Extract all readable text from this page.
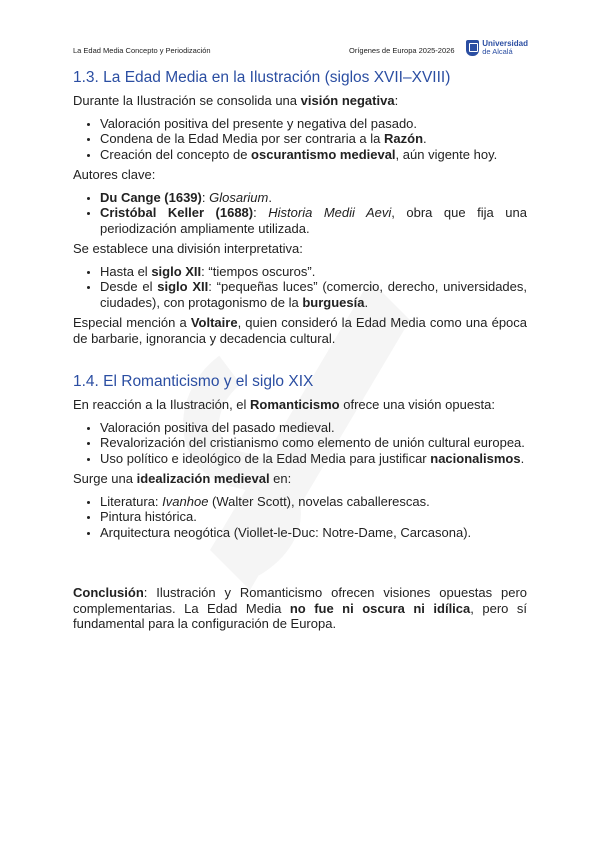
La Edad Media Concepto y Periodización	Orígenes de Europa 2025-2026
Universidad
de Alcalá
1.3. La Edad Media en la Ilustración (siglos XVII–XVIII)

Durante la Ilustración se consolida una visión negativa:

• Valoración positiva del presente y negativa del pasado.
• Condena de la Edad Media por ser contraria a la Razón.
• Creación del concepto de oscurantismo medieval, aún vigente hoy.

Autores clave:

• Du Cange (1639): Glosarium.
• Cristóbal Keller (1688): Historia Medii Aevi, obra que fija una periodización ampliamente utilizada.

Se establece una división interpretativa:

• Hasta el siglo XII: “tiempos oscuros”.
• Desde el siglo XII: “pequeñas luces” (comercio, derecho, universidades, ciudades), con protagonismo de la burguesía.

Especial mención a Voltaire, quien consideró la Edad Media como una época de barbarie, ignorancia y decadencia cultural.

1.4. El Romanticismo y el siglo XIX

En reacción a la Ilustración, el Romanticismo ofrece una visión opuesta:

• Valoración positiva del pasado medieval.
• Revalorización del cristianismo como elemento de unión cultural europea.
• Uso político e ideológico de la Edad Media para justificar nacionalismos.

Surge una idealización medieval en:

• Literatura: Ivanhoe (Walter Scott), novelas caballerescas.
• Pintura histórica.
• Arquitectura neogótica (Viollet-le-Duc: Notre-Dame, Carcasona).

Conclusión: Ilustración y Romanticismo ofrecen visiones opuestas pero complementarias. La Edad Media no fue ni oscura ni idílica, pero sí fundamental para la configuración de Europa.
